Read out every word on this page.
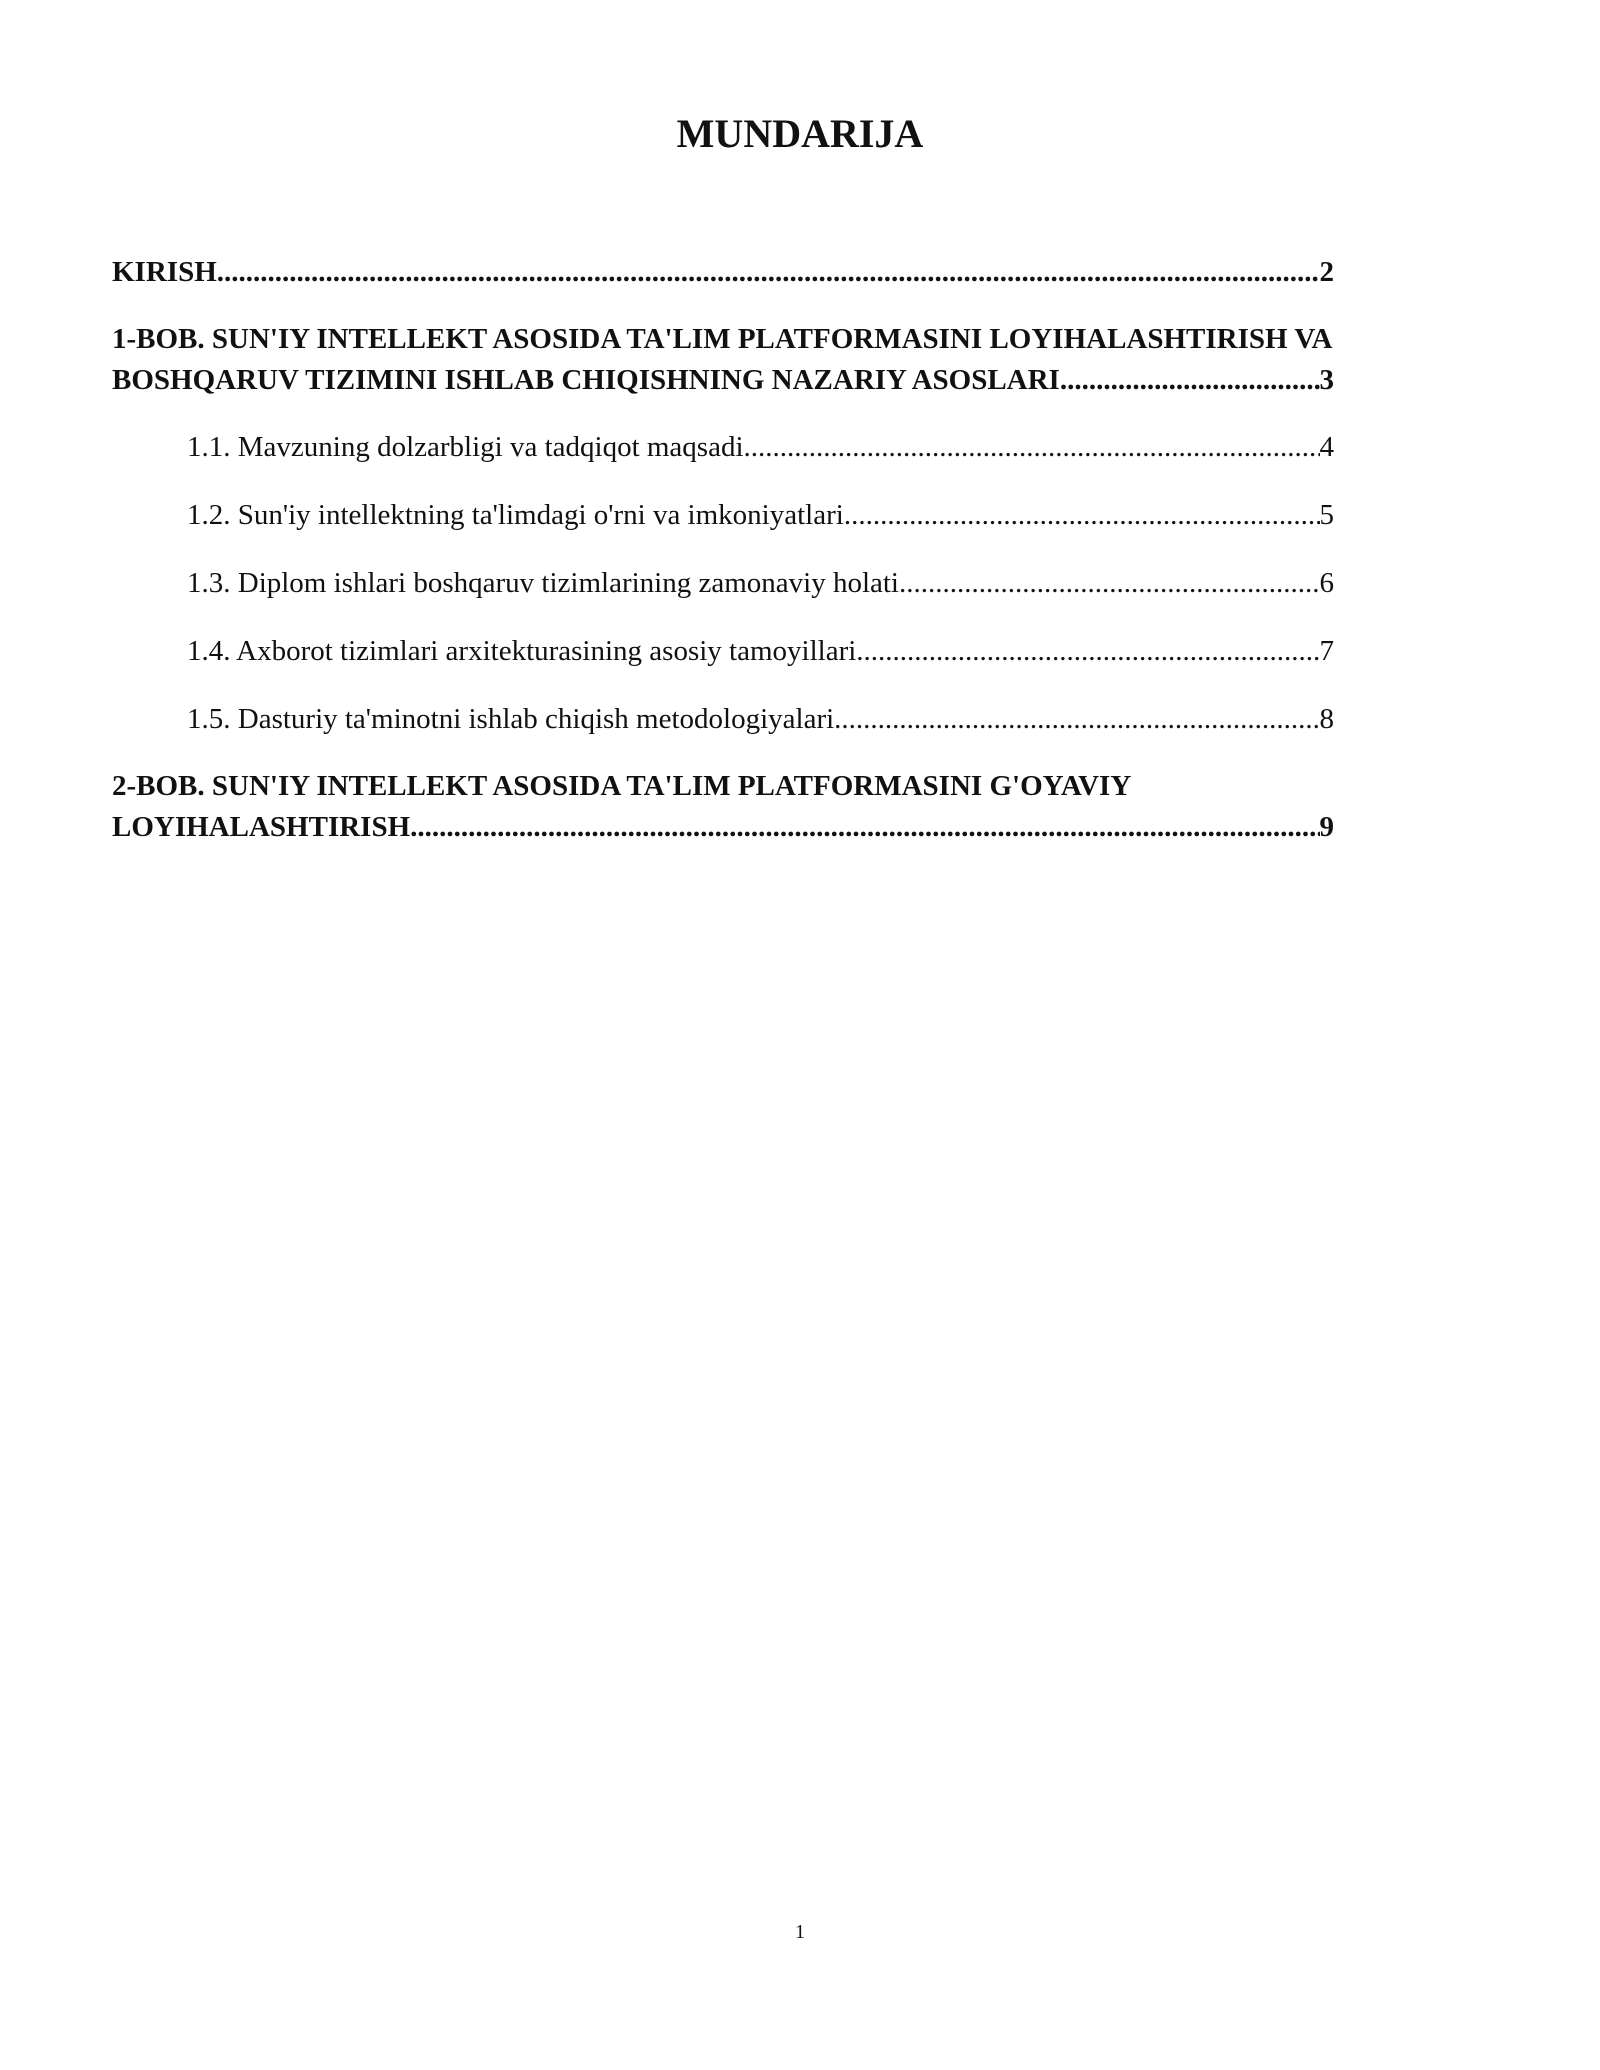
MUNDARIJA
KIRISH .....	2
1-BOB. SUN'IY INTELLEKT ASOSIDA TA'LIM PLATFORMASINI LOYIHALASHTIRISH VA
BOSHQARUV TIZIMINI ISHLAB CHIQISHNING NAZARIY ASOSLARI .....	3
1.1. Mavzuning dolzarbligi va tadqiqot maqsadi .....	4
1.2. Sun'iy intellektning ta'limdagi o'rni va imkoniyatlari .....	5
1.3. Diplom ishlari boshqaruv tizimlarining zamonaviy holati .....	6
1.4. Axborot tizimlari arxitekturasining asosiy tamoyillari .....	7
1.5. Dasturiy ta'minotni ishlab chiqish metodologiyalari .....	8
2-BOB. SUN'IY INTELLEKT ASOSIDA TA'LIM PLATFORMASINI G'OYAVIY
LOYIHALASHTIRISH .....	9
1
